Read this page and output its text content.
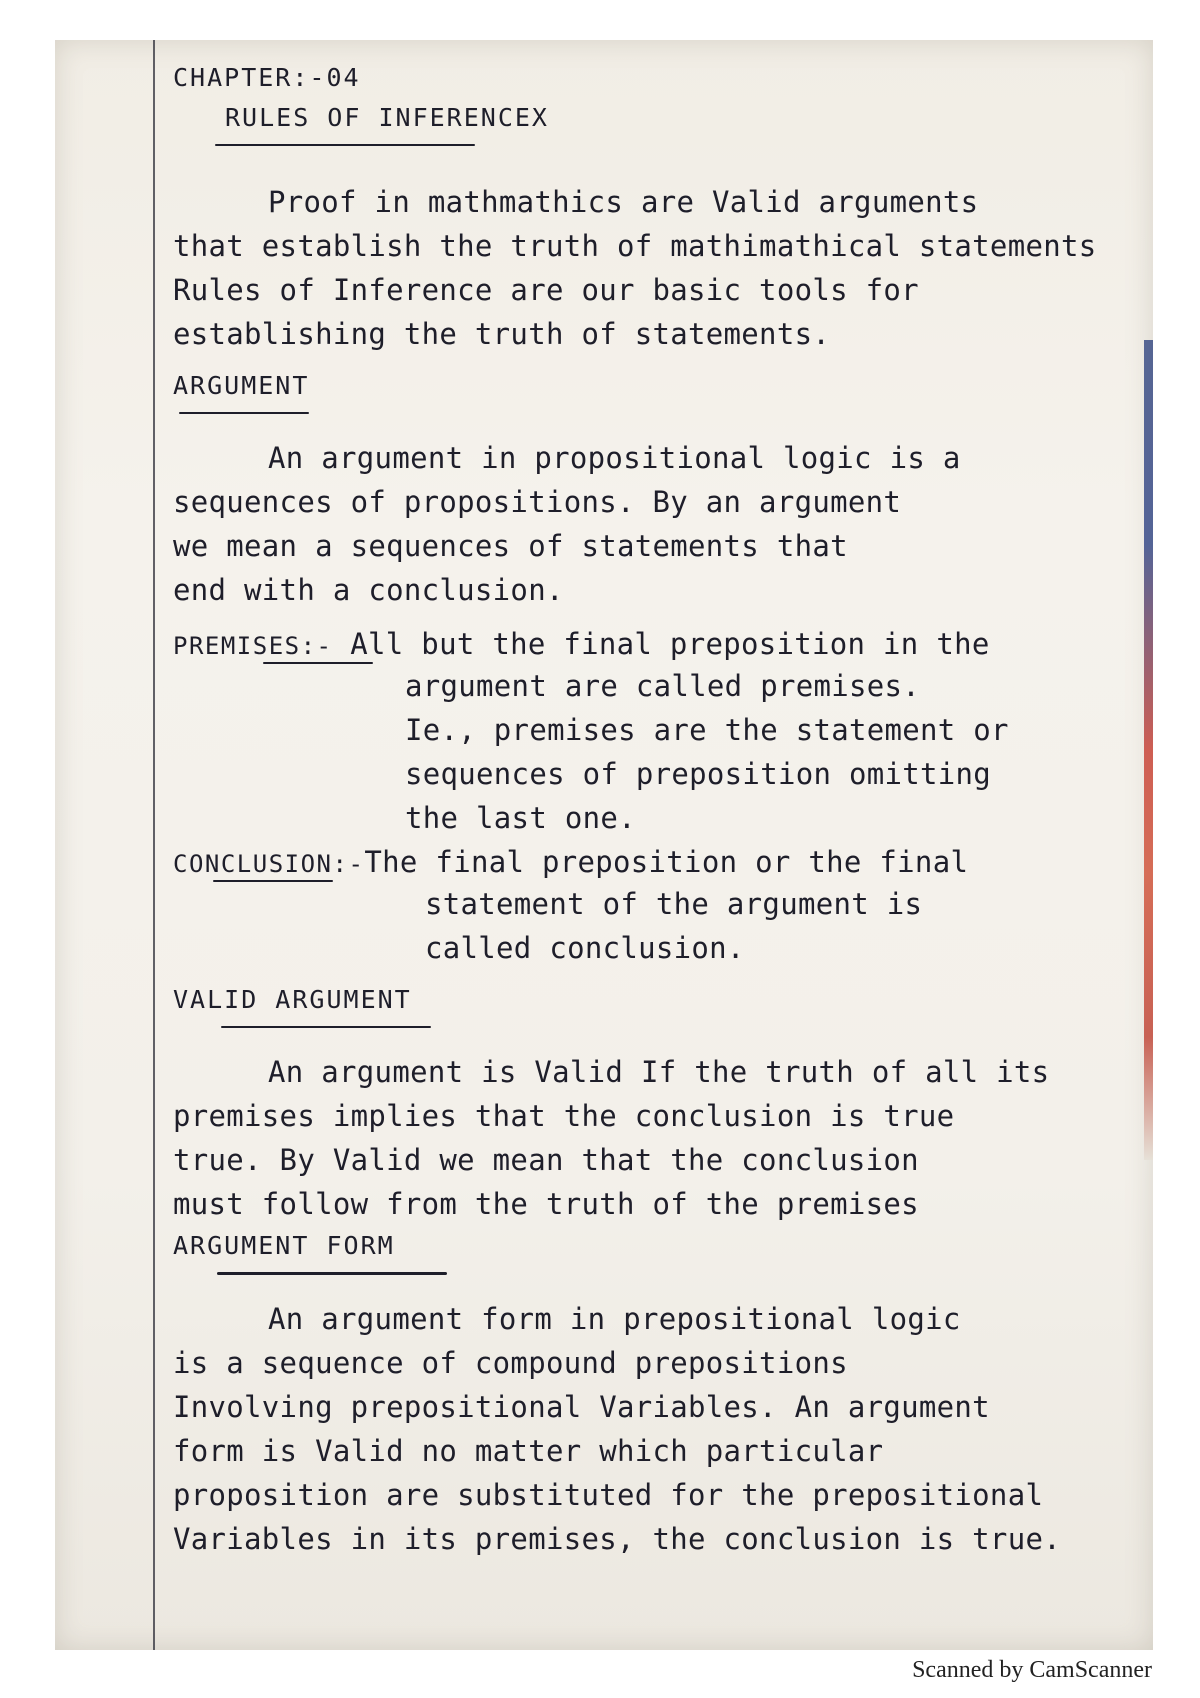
CHAPTER:-04
RULES OF INFERENCEX
Proof in mathmathics are Valid arguments
that establish the truth of mathimathical statements
Rules of Inference are our basic tools for
establishing the truth of statements.
ARGUMENT
An argument in propositional logic is a
sequences of propositions. By an argument
we mean a sequences of statements that
end with a conclusion.
PREMISES:- All but the final preposition in the
argument are called premises.
Ie., premises are the statement or
sequences of preposition omitting
the last one.
CONCLUSION:-The final preposition or the final
statement of the argument is
called conclusion.
VALID ARGUMENT
An argument is Valid If the truth of all its
premises implies that the conclusion is true
true. By Valid we mean that the conclusion
must follow from the truth of the premises
ARGUMENT FORM
An argument form in prepositional logic
is a sequence of compound prepositions
Involving prepositional Variables. An argument
form is Valid no matter which particular
proposition are substituted for the prepositional
Variables in its premises, the conclusion is true.
Scanned by CamScanner
